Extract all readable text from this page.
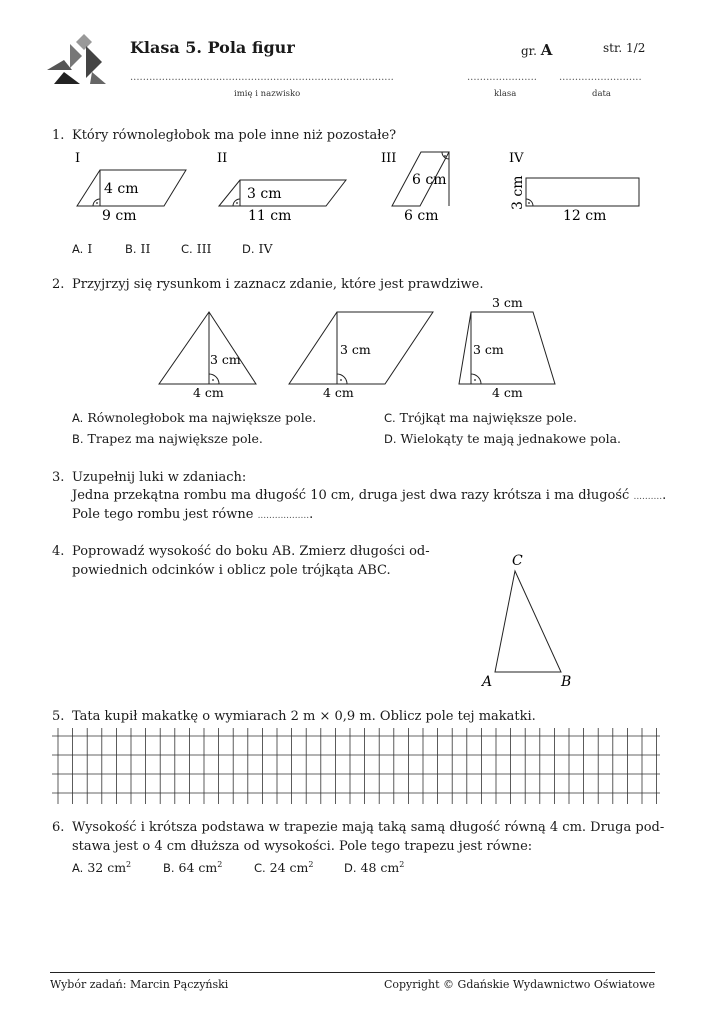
Klasa 5. Pola figur	gr. A	str. 1/2
...................................................................................	...................... ..........................
imię i nazwisko	klasa	data
1. Który równoległobok ma pole inne niż pozostałe?
I	II	III	IV
4 cm
9 cm
3 cm
11 cm
6 cm
6 cm
3 cm
12 cm
A. I	B. II	C. III	D. IV
2. Przyjrzyj się rysunkom i zaznacz zdanie, które jest prawdziwe.
3 cm
4 cm
3 cm
4 cm
3 cm
3 cm
4 cm
A. Równoległobok ma największe pole.
B. Trapez ma największe pole.
C. Trójkąt ma największe pole.
D. Wielokąty te mają jednakowe pola.
3. Uzupełnij luki w zdaniach:
Jedna przekątna rombu ma długość 10 cm, druga jest dwa razy krótsza i ma długość ...........
Pole tego rombu jest równe ...................
4. Poprowadź wysokość do boku AB. Zmierz długości od-
powiednich odcinków i oblicz pole trójkąta ABC.
C
A	B
5. Tata kupił makatkę o wymiarach 2 m × 0,9 m. Oblicz pole tej makatki.
6. Wysokość i krótsza podstawa w trapezie mają taką samą długość równą 4 cm. Druga pod-
stawa jest o 4 cm dłuższa od wysokości. Pole tego trapezu jest równe:
A. 32 $cm^2$	B. 64 $cm^2$	C. 24 $cm^2$	D. 48 $cm^2$
Wybór zadań: Marcin Pączyński	Copyright © Gdańskie Wydawnictwo Oświatowe
